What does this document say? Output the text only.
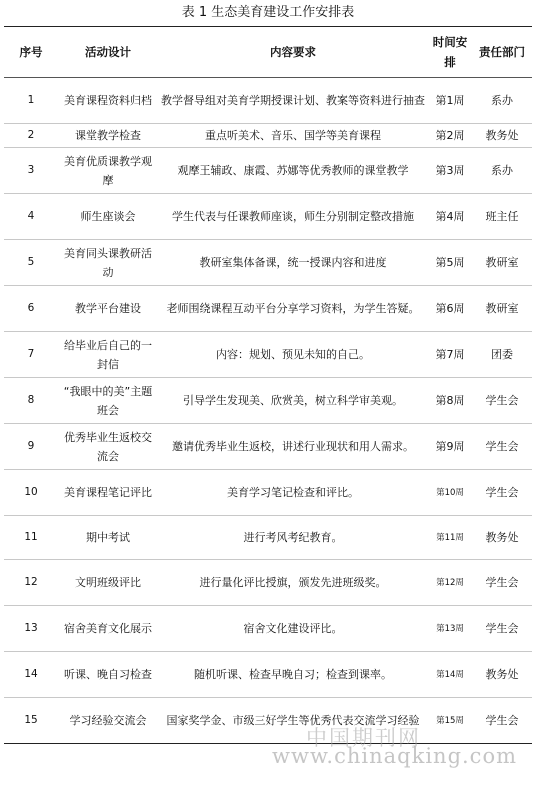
表 1 生态美育建设工作安排表
序号	活动设计	内容要求	时间安排	责任部门
1	美育课程资料归档	教学督导组对美育学期授课计划、教案等资料进行抽查	第1周	系办
2	课堂教学检查	重点听美术、音乐、国学等美育课程	第2周	教务处
3	美育优质课教学观摩	观摩王辅政、康霞、苏娜等优秀教师的课堂教学	第3周	系办
4	师生座谈会	学生代表与任课教师座谈，师生分别制定整改措施	第4周	班主任
5	美育同头课教研活动	教研室集体备课，统一授课内容和进度	第5周	教研室
6	教学平台建设	老师围绕课程互动平台分享学习资料，为学生答疑。	第6周	教研室
7	给毕业后自己的一封信	内容：规划、预见未知的自己。	第7周	团委
8	“我眼中的美”主题班会	引导学生发现美、欣赏美，树立科学审美观。	第8周	学生会
9	优秀毕业生返校交流会	邀请优秀毕业生返校，讲述行业现状和用人需求。	第9周	学生会
10	美育课程笔记评比	美育学习笔记检查和评比。	第10周	学生会
11	期中考试	进行考风考纪教育。	第11周	教务处
12	文明班级评比	进行量化评比授旗，颁发先进班级奖。	第12周	学生会
13	宿舍美育文化展示	宿舍文化建设评比。	第13周	学生会
14	听课、晚自习检查	随机听课、检查早晚自习；检查到课率。	第14周	教务处
15	学习经验交流会	国家奖学金、市级三好学生等优秀代表交流学习经验	第15周	学生会
中国期刊网
www.chinaqking.com
